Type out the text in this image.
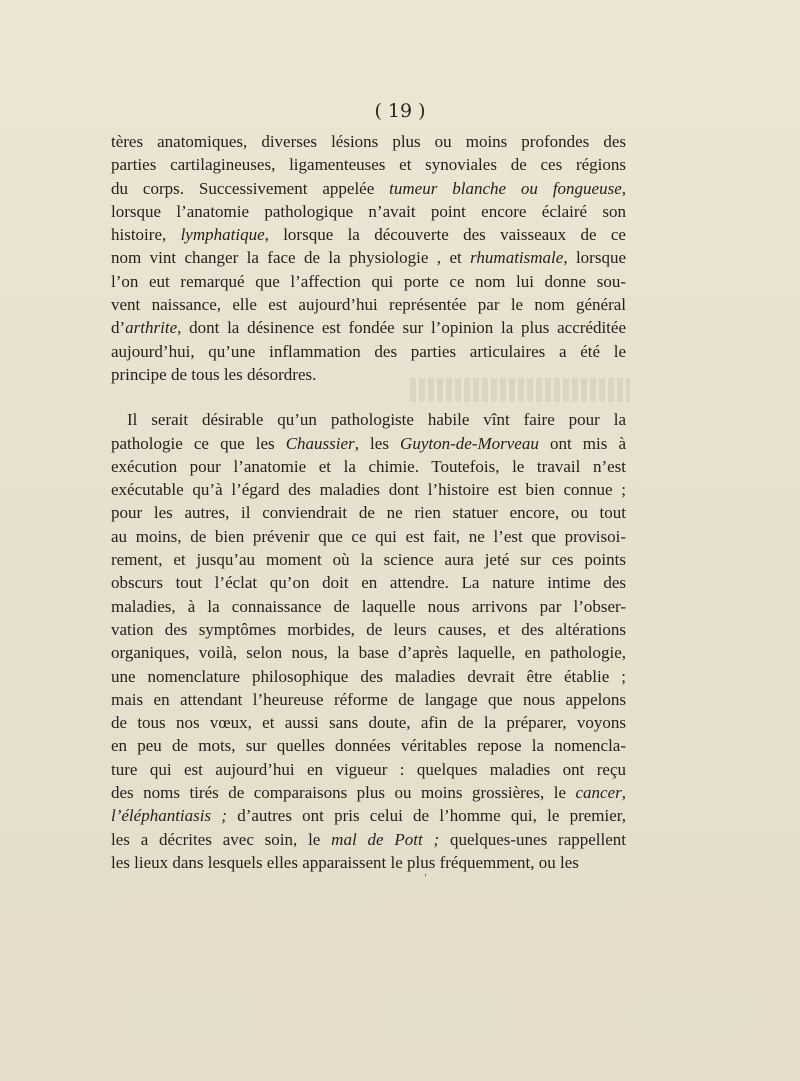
( 19 )
tères anatomiques, diverses lésions plus ou moins profondes des
parties cartilagineuses, ligamenteuses et synoviales de ces régions
du corps. Successivement appelée tumeur blanche ou fongueuse,
lorsque l’anatomie pathologique n’avait point encore éclairé son
histoire, lymphatique, lorsque la découverte des vaisseaux de ce
nom vint changer la face de la physiologie , et rhumatismale, lorsque
l’on eut remarqué que l’affection qui porte ce nom lui donne sou-
vent naissance, elle est aujourd’hui représentée par le nom général
d’arthrite, dont la désinence est fondée sur l’opinion la plus accréditée
aujourd’hui, qu’une inflammation des parties articulaires a été le
principe de tous les désordres.
Il serait désirable qu’un pathologiste habile vînt faire pour la
pathologie ce que les Chaussier, les Guyton-de-Morveau ont mis à
exécution pour l’anatomie et la chimie. Toutefois, le travail n’est
exécutable qu’à l’égard des maladies dont l’histoire est bien connue ;
pour les autres, il conviendrait de ne rien statuer encore, ou tout
au moins, de bien prévenir que ce qui est fait, ne l’est que provisoi-
rement, et jusqu’au moment où la science aura jeté sur ces points
obscurs tout l’éclat qu’on doit en attendre. La nature intime des
maladies, à la connaissance de laquelle nous arrivons par l’obser-
vation des symptômes morbides, de leurs causes, et des altérations
organiques, voilà, selon nous, la base d’après laquelle, en pathologie,
une nomenclature philosophique des maladies devrait être établie ;
mais en attendant l’heureuse réforme de langage que nous appelons
de tous nos vœux, et aussi sans doute, afin de la préparer, voyons
en peu de mots, sur quelles données véritables repose la nomencla-
ture qui est aujourd’hui en vigueur : quelques maladies ont reçu
des noms tirés de comparaisons plus ou moins grossières, le cancer,
l’éléphantiasis ; d’autres ont pris celui de l’homme qui, le premier,
les a décrites avec soin, le mal de Pott ; quelques-unes rappellent
les lieux dans lesquels elles apparaissent le plus fréquemment, ou les
ʹ
